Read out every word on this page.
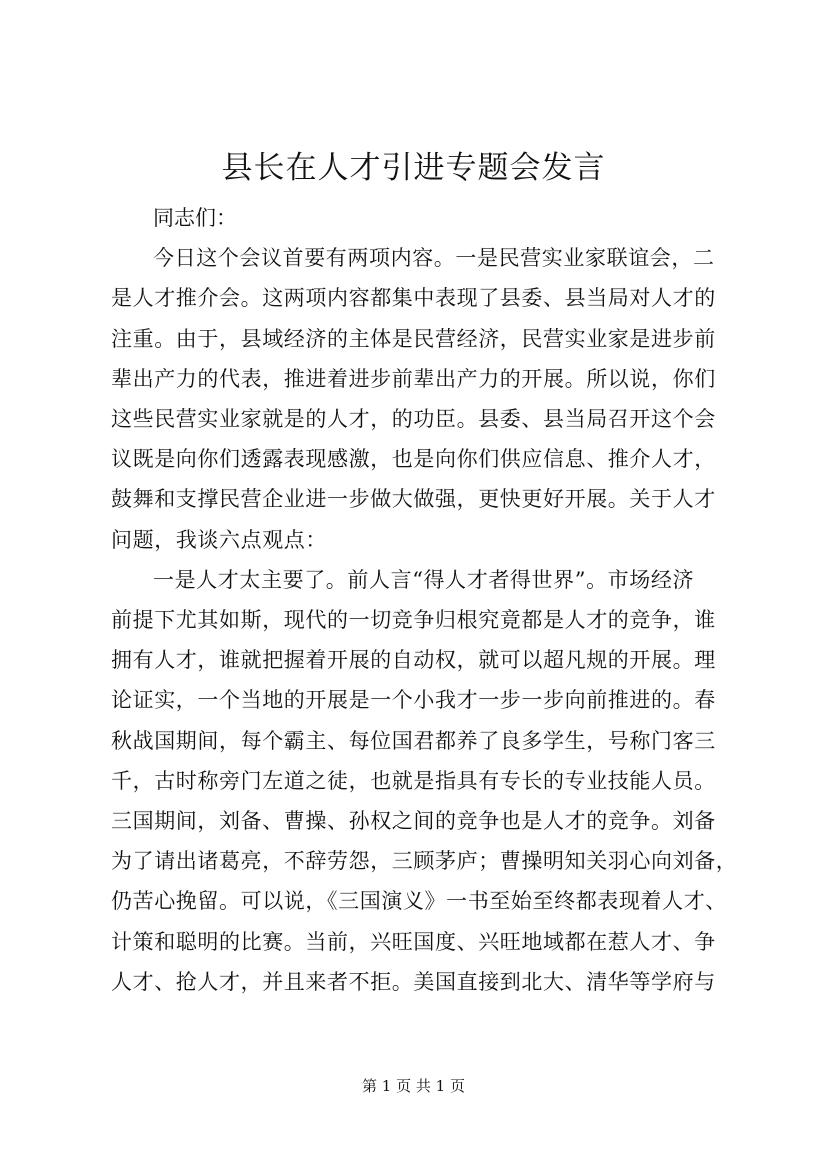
县长在人才引进专题会发言

同志们：

今日这个会议首要有两项内容。一是民营实业家联谊会，二
是人才推介会。这两项内容都集中表现了县委、县当局对人才的
注重。由于，县域经济的主体是民营经济，民营实业家是进步前
辈出产力的代表，推进着进步前辈出产力的开展。所以说，你们
这些民营实业家就是的人才，的功臣。县委、县当局召开这个会
议既是向你们透露表现感激，也是向你们供应信息、推介人才，
鼓舞和支撑民营企业进一步做大做强，更快更好开展。关于人才
问题，我谈六点观点：

一是人才太主要了。前人言“得人才者得世界”。市场经济
前提下尤其如斯，现代的一切竞争归根究竟都是人才的竞争，谁
拥有人才，谁就把握着开展的自动权，就可以超凡规的开展。理
论证实，一个当地的开展是一个小我才一步一步向前推进的。春
秋战国期间，每个霸主、每位国君都养了良多学生，号称门客三
千，古时称旁门左道之徒，也就是指具有专长的专业技能人员。
三国期间，刘备、曹操、孙权之间的竞争也是人才的竞争。刘备
为了请出诸葛亮，不辞劳怨，三顾茅庐；曹操明知关羽心向刘备，
仍苦心挽留。可以说，《三国演义》一书至始至终都表现着人才、
计策和聪明的比赛。当前，兴旺国度、兴旺地域都在惹人才、争
人才、抢人才，并且来者不拒。美国直接到北大、清华等学府与

第 1 页 共 1 页
